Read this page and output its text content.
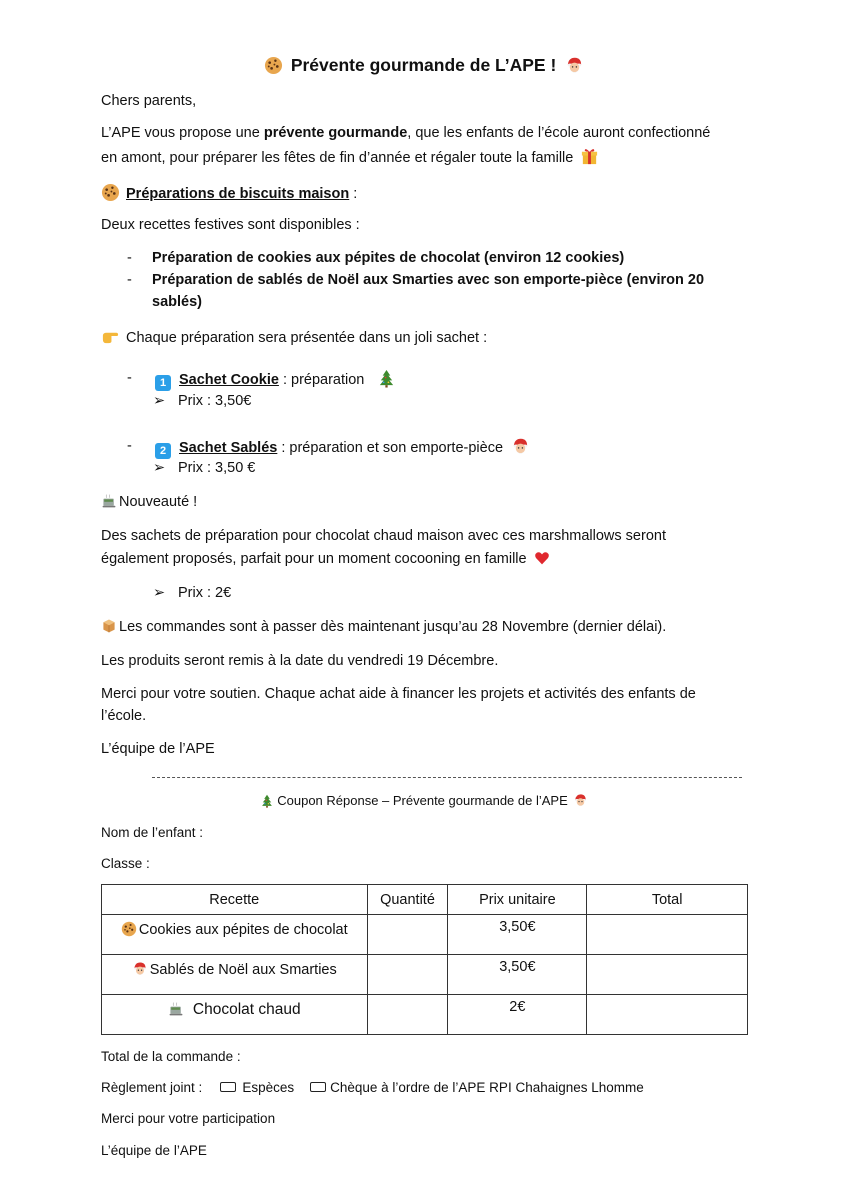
Prévente gourmande de L’APE !
Chers parents,
L’APE vous propose une prévente gourmande, que les enfants de l’école auront confectionné
en amont, pour préparer les fêtes de fin d’année et régaler toute la famille
Préparations de biscuits maison :
Deux recettes festives sont disponibles :
- Préparation de cookies aux pépites de chocolat (environ 12 cookies)
- Préparation de sablés de Noël aux Smarties avec son emporte-pièce (environ 20
sablés)
Chaque préparation sera présentée dans un joli sachet :
-	1 Sachet Cookie : préparation
➢ Prix : 3,50€
-	2 Sachet Sablés : préparation et son emporte-pièce
➢ Prix : 3,50 €
Nouveauté !
Des sachets de préparation pour chocolat chaud maison avec ces marshmallows seront
également proposés, parfait pour un moment cocooning en famille
➢ Prix : 2€
Les commandes sont à passer dès maintenant jusqu’au 28 Novembre (dernier délai).
Les produits seront remis à la date du vendredi 19 Décembre.
Merci pour votre soutien. Chaque achat aide à financer les projets et activités des enfants de
l’école.
L’équipe de l’APE
Coupon Réponse – Prévente gourmande de l’APE
Nom de l’enfant :
Classe :
Recette	Quantité	Prix unitaire	Total
Cookies aux pépites de chocolat		3,50€	
Sablés de Noël aux Smarties		3,50€	
Chocolat chaud		2€	
Total de la commande :
Règlement joint :	Espèces	Chèque à l’ordre de l’APE RPI Chahaignes Lhomme
Merci pour votre participation
L’équipe de l’APE
